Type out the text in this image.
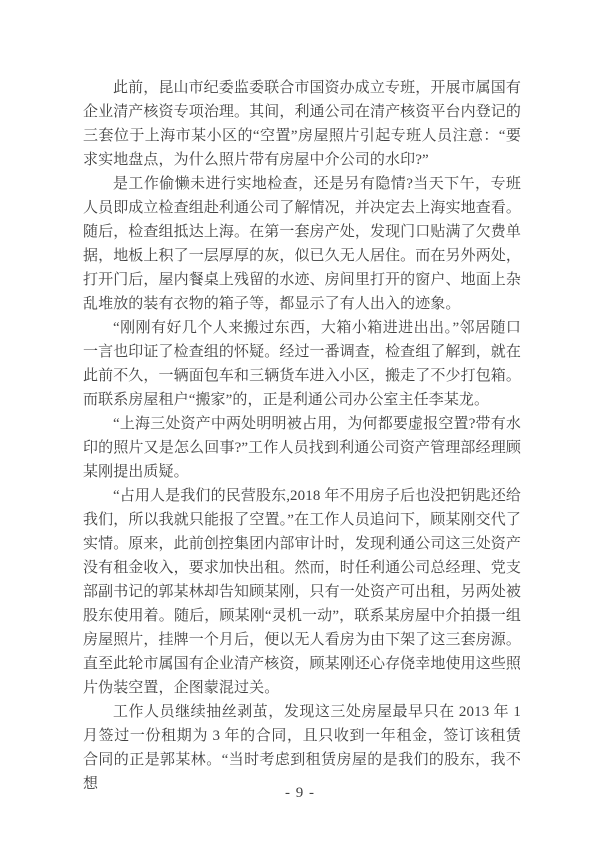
此前，昆山市纪委监委联合市国资办成立专班，开展市属国有企业清产核资专项治理。其间，利通公司在清产核资平台内登记的三套位于上海市某小区的“空置”房屋照片引起专班人员注意：“要求实地盘点，为什么照片带有房屋中介公司的水印?”

是工作偷懒未进行实地检查，还是另有隐情?当天下午，专班人员即成立检查组赴利通公司了解情况，并决定去上海实地查看。随后，检查组抵达上海。在第一套房产处，发现门口贴满了欠费单据，地板上积了一层厚厚的灰，似已久无人居住。而在另外两处，打开门后，屋内餐桌上残留的水迹、房间里打开的窗户、地面上杂乱堆放的装有衣物的箱子等，都显示了有人出入的迹象。

“刚刚有好几个人来搬过东西，大箱小箱进进出出。”邻居随口一言也印证了检查组的怀疑。经过一番调查，检查组了解到，就在此前不久，一辆面包车和三辆货车进入小区，搬走了不少打包箱。而联系房屋租户“搬家”的，正是利通公司办公室主任李某龙。

“上海三处资产中两处明明被占用，为何都要虚报空置?带有水印的照片又是怎么回事?”工作人员找到利通公司资产管理部经理顾某刚提出质疑。

“占用人是我们的民营股东,2018 年不用房子后也没把钥匙还给我们，所以我就只能报了空置。”在工作人员追问下，顾某刚交代了实情。原来，此前创控集团内部审计时，发现利通公司这三处资产没有租金收入，要求加快出租。然而，时任利通公司总经理、党支部副书记的郭某林却告知顾某刚，只有一处资产可出租，另两处被股东使用着。随后，顾某刚“灵机一动”，联系某房屋中介拍摄一组房屋照片，挂牌一个月后，便以无人看房为由下架了这三套房源。直至此轮市属国有企业清产核资，顾某刚还心存侥幸地使用这些照片伪装空置，企图蒙混过关。

工作人员继续抽丝剥茧，发现这三处房屋最早只在 2013 年 1 月签过一份租期为 3 年的合同，且只收到一年租金，签订该租赁合同的正是郭某林。“当时考虑到租赁房屋的是我们的股东，我不想

- 9 -
